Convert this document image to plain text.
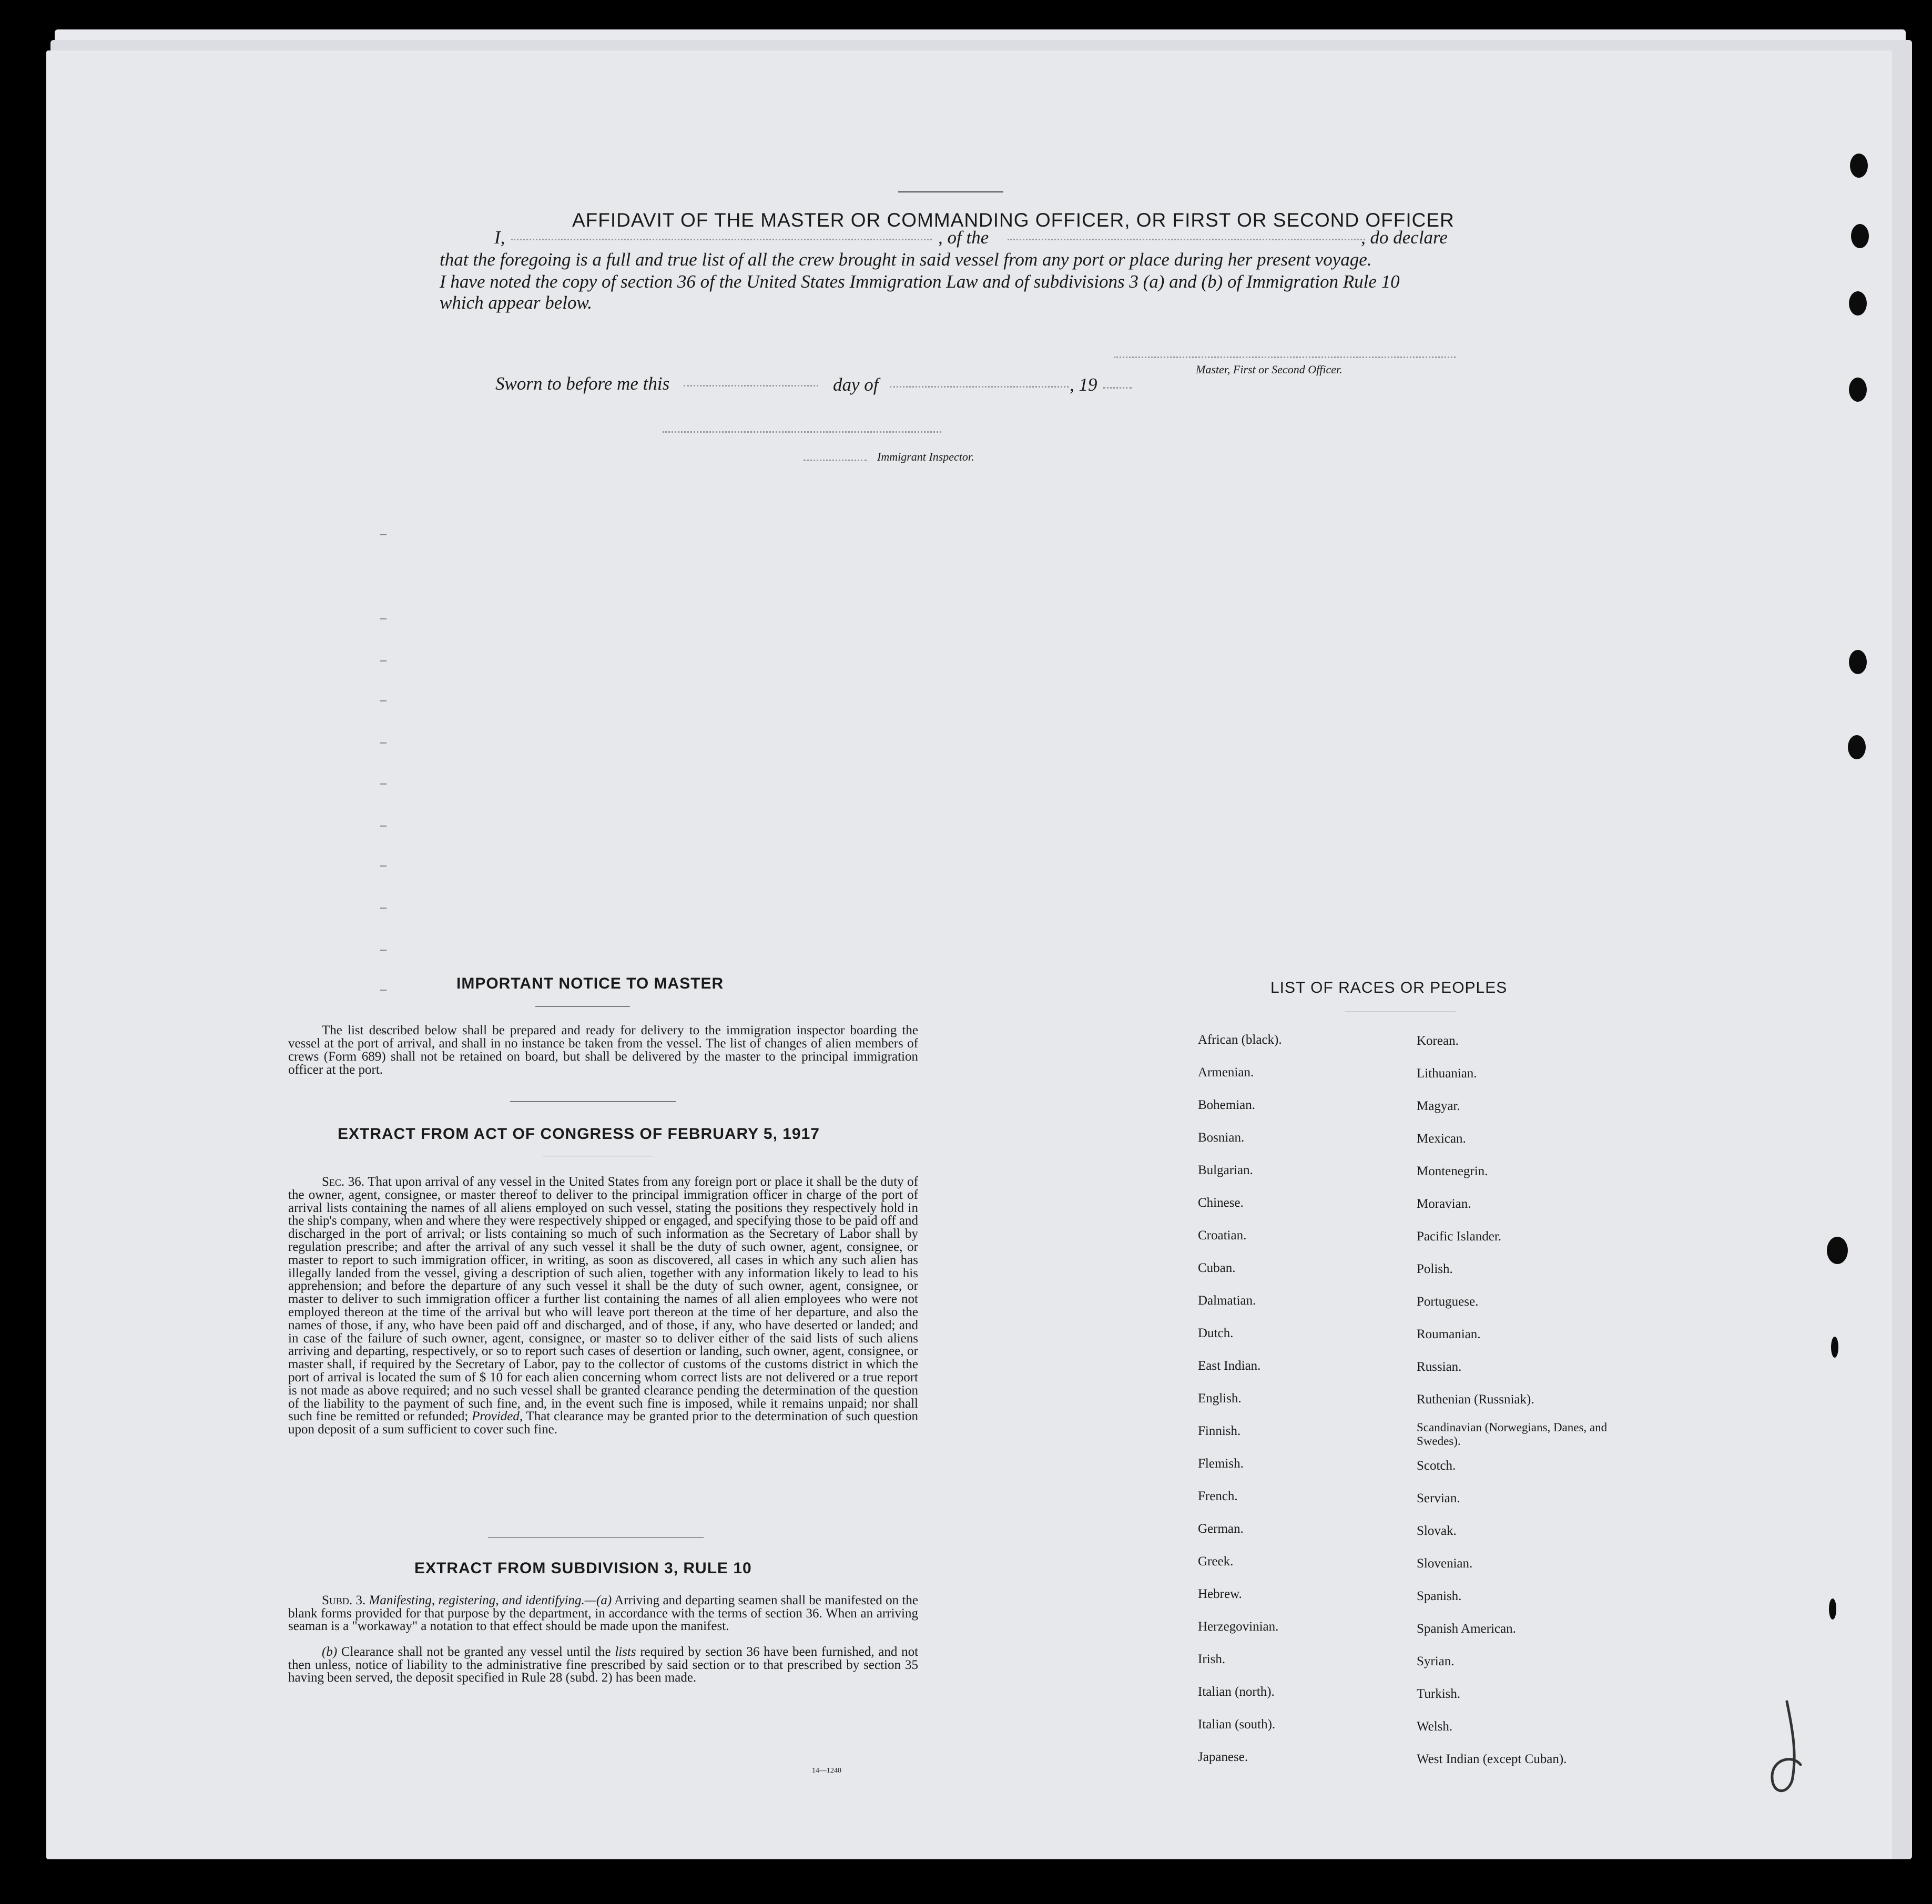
AFFIDAVIT OF THE MASTER OR COMMANDING OFFICER, OR FIRST OR SECOND OFFICER
I,	, of the	, do declare
that the foregoing is a full and true list of all the crew brought in said vessel from any port or place during her present voyage.
I have noted the copy of section 36 of the United States Immigration Law and of subdivisions 3 (a) and (b) of Immigration Rule 10
which appear below.
Master, First or Second Officer.
Sworn to before me this	day of	, 19
Immigrant Inspector.
IMPORTANT NOTICE TO MASTER
The list described below shall be prepared and ready for delivery to the immigration inspector boarding the vessel at the port of arrival, and shall in no instance be taken from the vessel. The list of changes of alien members of crews (Form 689) shall not be retained on board, but shall be delivered by the master to the principal immigration officer at the port.
EXTRACT FROM ACT OF CONGRESS OF FEBRUARY 5, 1917
Sec. 36. That upon arrival of any vessel in the United States from any foreign port or place it shall be the duty of the owner, agent, consignee, or master thereof to deliver to the principal immigration officer in charge of the port of arrival lists containing the names of all aliens employed on such vessel, stating the positions they respectively hold in the ship's company, when and where they were respectively shipped or engaged, and specifying those to be paid off and discharged in the port of arrival; or lists containing so much of such information as the Secretary of Labor shall by regulation prescribe; and after the arrival of any such vessel it shall be the duty of such owner, agent, consignee, or master to report to such immigration officer, in writing, as soon as discovered, all cases in which any such alien has illegally landed from the vessel, giving a description of such alien, together with any information likely to lead to his apprehension; and before the departure of any such vessel it shall be the duty of such owner, agent, consignee, or master to deliver to such immigration officer a further list containing the names of all alien employees who were not employed thereon at the time of the arrival but who will leave port thereon at the time of her departure, and also the names of those, if any, who have been paid off and discharged, and of those, if any, who have deserted or landed; and in case of the failure of such owner, agent, consignee, or master so to deliver either of the said lists of such aliens arriving and departing, respectively, or so to report such cases of desertion or landing, such owner, agent, consignee, or master shall, if required by the Secretary of Labor, pay to the collector of customs of the customs district in which the port of arrival is located the sum of $ 10 for each alien concerning whom correct lists are not delivered or a true report is not made as above required; and no such vessel shall be granted clearance pending the determination of the question of the liability to the payment of such fine, and, in the event such fine is imposed, while it remains unpaid; nor shall such fine be remitted or refunded; Provided, That clearance may be granted prior to the determination of such question upon deposit of a sum sufficient to cover such fine.
EXTRACT FROM SUBDIVISION 3, RULE 10
Subd. 3. Manifesting, registering, and identifying.—(a) Arriving and departing seamen shall be manifested on the blank forms provided for that purpose by the department, in accordance with the terms of section 36. When an arriving seaman is a "workaway" a notation to that effect should be made upon the manifest.
(b) Clearance shall not be granted any vessel until the lists required by section 36 have been furnished, and not then unless, notice of liability to the administrative fine prescribed by said section or to that prescribed by section 35 having been served, the deposit specified in Rule 28 (subd. 2) has been made.
14—1240
LIST OF RACES OR PEOPLES
African (black).
Armenian.
Bohemian.
Bosnian.
Bulgarian.
Chinese.
Croatian.
Cuban.
Dalmatian.
Dutch.
East Indian.
English.
Finnish.
Flemish.
French.
German.
Greek.
Hebrew.
Herzegovinian.
Irish.
Italian (north).
Italian (south).
Japanese.
Korean.
Lithuanian.
Magyar.
Mexican.
Montenegrin.
Moravian.
Pacific Islander.
Polish.
Portuguese.
Roumanian.
Russian.
Ruthenian (Russniak).
Scandinavian (Norwegians, Danes, and Swedes).
Scotch.
Servian.
Slovak.
Slovenian.
Spanish.
Spanish American.
Syrian.
Turkish.
Welsh.
West Indian (except Cuban).
